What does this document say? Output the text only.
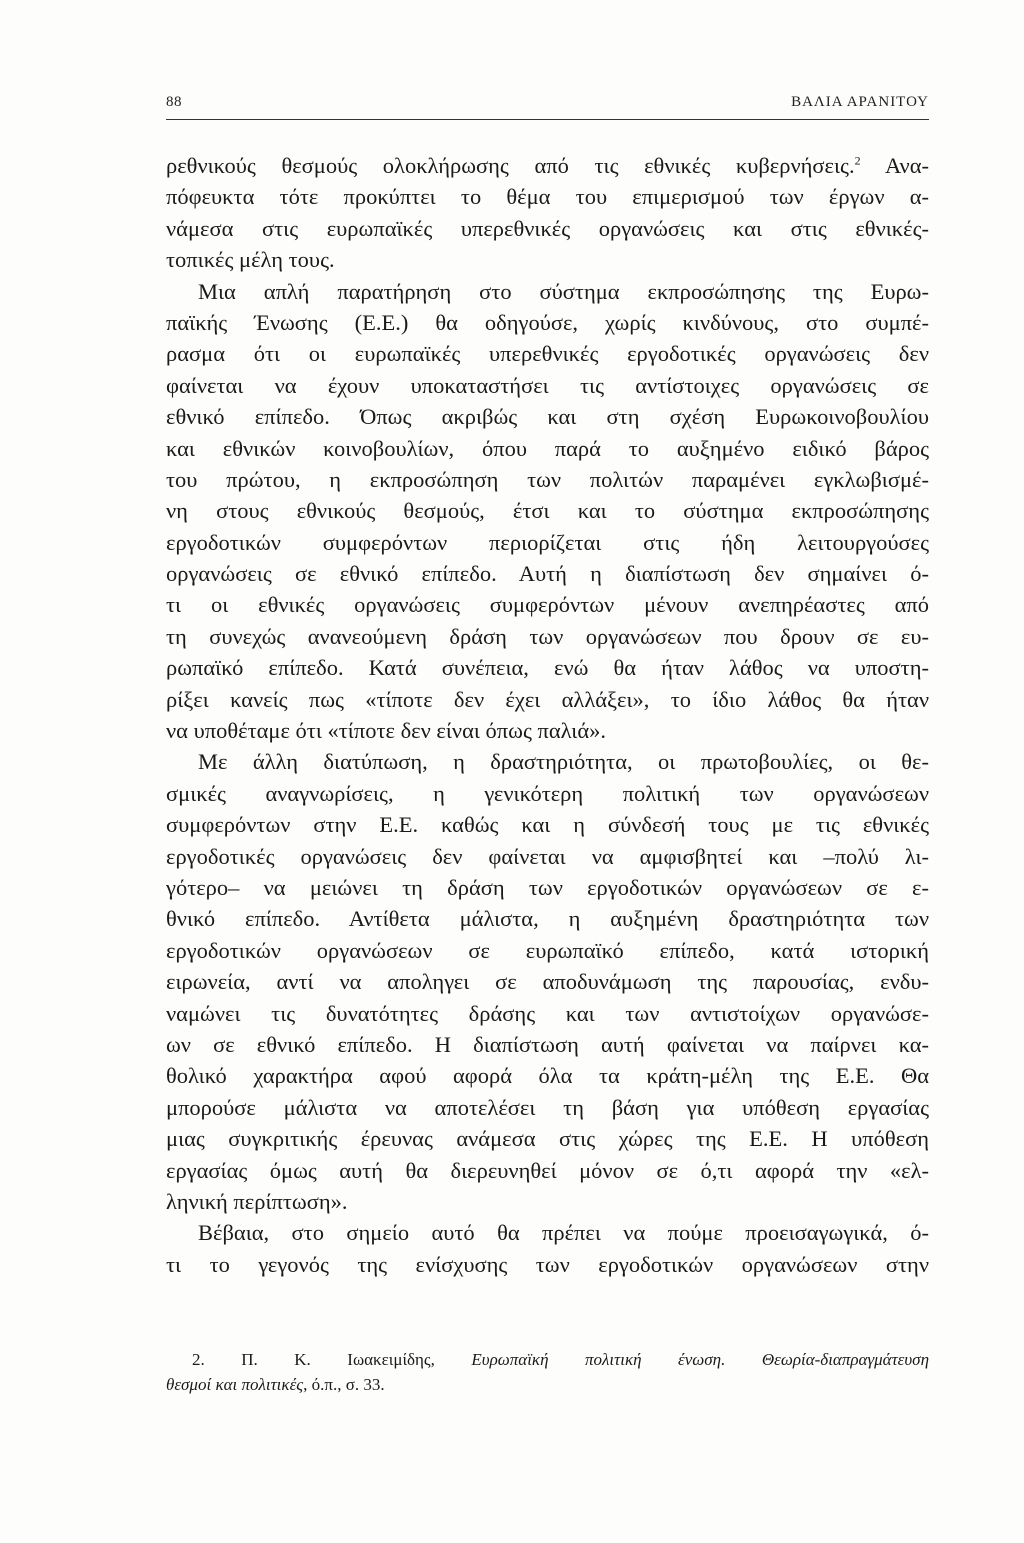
88	ΒΑΛΙΑ ΑΡΑΝΙΤΟΥ
ρεθνικούς θεσμούς ολοκλήρωσης από τις εθνικές κυβερνήσεις.$^2$ Ανα-
πόφευκτα τότε προκύπτει το θέμα του επιμερισμού των έργων α-
νάμεσα στις ευρωπαϊκές υπερεθνικές οργανώσεις και στις εθνικές-
τοπικές μέλη τους.
Μια απλή παρατήρηση στο σύστημα εκπροσώπησης της Ευρω-
παϊκής Ένωσης (Ε.Ε.) θα οδηγούσε, χωρίς κινδύνους, στο συμπέ-
ρασμα ότι οι ευρωπαϊκές υπερεθνικές εργοδοτικές οργανώσεις δεν
φαίνεται να έχουν υποκαταστήσει τις αντίστοιχες οργανώσεις σε
εθνικό επίπεδο. Όπως ακριβώς και στη σχέση Ευρωκοινοβουλίου
και εθνικών κοινοβουλίων, όπου παρά το αυξημένο ειδικό βάρος
του πρώτου, η εκπροσώπηση των πολιτών παραμένει εγκλωβισμέ-
νη στους εθνικούς θεσμούς, έτσι και το σύστημα εκπροσώπησης
εργοδοτικών συμφερόντων περιορίζεται στις ήδη λειτουργούσες
οργανώσεις σε εθνικό επίπεδο. Αυτή η διαπίστωση δεν σημαίνει ό-
τι οι εθνικές οργανώσεις συμφερόντων μένουν ανεπηρέαστες από
τη συνεχώς ανανεούμενη δράση των οργανώσεων που δρουν σε ευ-
ρωπαϊκό επίπεδο. Κατά συνέπεια, ενώ θα ήταν λάθος να υποστη-
ρίξει κανείς πως «τίποτε δεν έχει αλλάξει», το ίδιο λάθος θα ήταν
να υποθέταμε ότι «τίποτε δεν είναι όπως παλιά».
Με άλλη διατύπωση, η δραστηριότητα, οι πρωτοβουλίες, οι θε-
σμικές αναγνωρίσεις, η γενικότερη πολιτική των οργανώσεων
συμφερόντων στην Ε.Ε. καθώς και η σύνδεσή τους με τις εθνικές
εργοδοτικές οργανώσεις δεν φαίνεται να αμφισβητεί και –πολύ λι-
γότερο– να μειώνει τη δράση των εργοδοτικών οργανώσεων σε ε-
θνικό επίπεδο. Αντίθετα μάλιστα, η αυξημένη δραστηριότητα των
εργοδοτικών οργανώσεων σε ευρωπαϊκό επίπεδο, κατά ιστορική
ειρωνεία, αντί να αποληγει σε αποδυνάμωση της παρουσίας, ενδυ-
ναμώνει τις δυνατότητες δράσης και των αντιστοίχων οργανώσε-
ων σε εθνικό επίπεδο. Η διαπίστωση αυτή φαίνεται να παίρνει κα-
θολικό χαρακτήρα αφού αφορά όλα τα κράτη-μέλη της Ε.Ε. Θα
μπορούσε μάλιστα να αποτελέσει τη βάση για υπόθεση εργασίας
μιας συγκριτικής έρευνας ανάμεσα στις χώρες της Ε.Ε. Η υπόθεση
εργασίας όμως αυτή θα διερευνηθεί μόνον σε ό,τι αφορά την «ελ-
ληνική περίπτωση».
Βέβαια, στο σημείο αυτό θα πρέπει να πούμε προεισαγωγικά, ό-
τι το γεγονός της ενίσχυσης των εργοδοτικών οργανώσεων στην
2. Π. Κ. Ιωακειμίδης, Ευρωπαϊκή πολιτική ένωση. Θεωρία-διαπραγμάτευση
θεσμοί και πολιτικές, ό.π., σ. 33.
